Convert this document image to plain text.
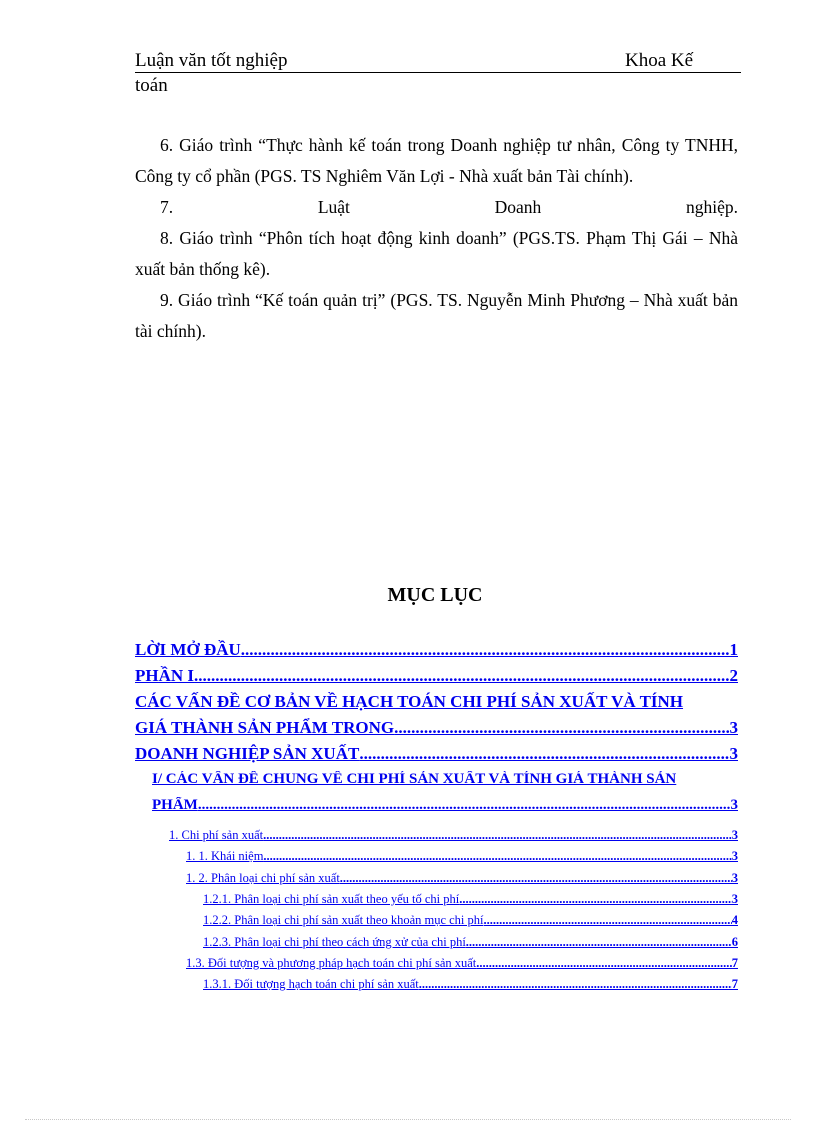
Luận văn tốt nghiệp	Khoa Kế
toán

6. Giáo trình “Thực hành kế toán trong Doanh nghiệp tư nhân, Công ty TNHH, Công ty cổ phần (PGS. TS Nghiêm Văn Lợi - Nhà xuất bản Tài chính).

7.	Luật	Doanh	nghiệp.

8. Giáo trình “Phôn tích hoạt động kinh doanh” (PGS.TS. Phạm Thị Gái – Nhà xuất bản thống kê).

9. Giáo trình “Kế toán quản trị” (PGS. TS. Nguyễn Minh Phương – Nhà xuất bản tài chính).

MỤC LỤC
LỜI MỞ ĐẦU .....	1
PHẦN I .....	2
CÁC VẤN ĐỀ CƠ BẢN VỀ HẠCH TOÁN CHI PHÍ SẢN XUẤT VÀ TÍNH
GIÁ THÀNH SẢN PHẨM TRONG .....	3
DOANH NGHIỆP SẢN XUẤT .....	3
I/ CÁC VẤN ĐỀ CHUNG VỀ CHI PHÍ SẢN XUẤT VÀ TÍNH GIÁ THÀNH SẢN
PHẨM .....	3
1. Chi phí sản xuất .....	3
1. 1. Khái niệm .....	3
1. 2. Phân loại chi phí sản xuất .....	3
1.2.1. Phân loại chi phí sản xuất theo yếu tố chi phí .....	3
1.2.2. Phân loại chi phí sản xuất theo khoản mục chi phí .....	4
1.2.3. Phân loại chi phí theo cách ứng xử của chi phí .....	6
1.3. Đối tượng và phương pháp hạch toán chi phí sản xuất .....	7
1.3.1. Đối tượng hạch toán chi phí sản xuất .....	7
